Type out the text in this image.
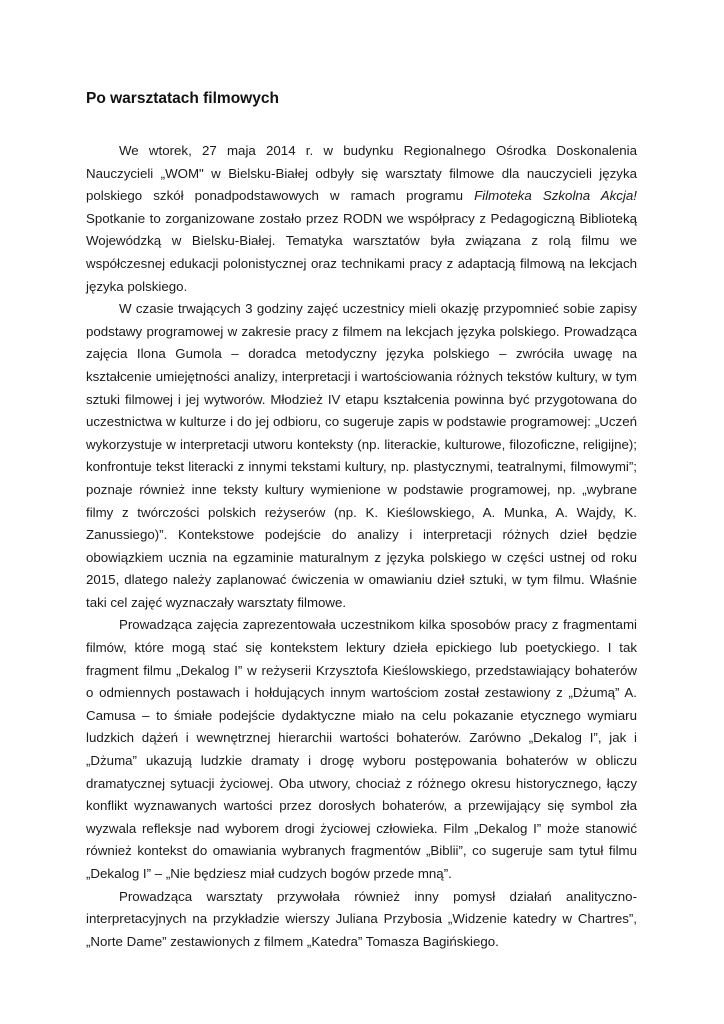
Po warsztatach filmowych

We wtorek, 27 maja 2014 r. w budynku Regionalnego Ośrodka Doskonalenia Nauczycieli „WOM" w Bielsku-Białej odbyły się warsztaty filmowe dla nauczycieli języka polskiego szkół ponadpodstawowych w ramach programu Filmoteka Szkolna Akcja! Spotkanie to zorganizowane zostało przez RODN we współpracy z Pedagogiczną Biblioteką Wojewódzką w Bielsku-Białej. Tematyka warsztatów była związana z rolą filmu we współczesnej edukacji polonistycznej oraz technikami pracy z adaptacją filmową na lekcjach języka polskiego.

W czasie trwających 3 godziny zajęć uczestnicy mieli okazję przypomnieć sobie zapisy podstawy programowej w zakresie pracy z filmem na lekcjach języka polskiego. Prowadząca zajęcia Ilona Gumola – doradca metodyczny języka polskiego – zwróciła uwagę na kształcenie umiejętności analizy, interpretacji i wartościowania różnych tekstów kultury, w tym sztuki filmowej i jej wytworów. Młodzież IV etapu kształcenia powinna być przygotowana do uczestnictwa w kulturze i do jej odbioru, co sugeruje zapis w podstawie programowej: „Uczeń wykorzystuje w interpretacji utworu konteksty (np. literackie, kulturowe, filozoficzne, religijne); konfrontuje tekst literacki z innymi tekstami kultury, np. plastycznymi, teatralnymi, filmowymi”; poznaje również inne teksty kultury wymienione w podstawie programowej, np. „wybrane filmy z twórczości polskich reżyserów (np. K. Kieślowskiego, A. Munka, A. Wajdy, K. Zanussiego)”. Kontekstowe podejście do analizy i interpretacji różnych dzieł będzie obowiązkiem ucznia na egzaminie maturalnym z języka polskiego w części ustnej od roku 2015, dlatego należy zaplanować ćwiczenia w omawianiu dzieł sztuki, w tym filmu. Właśnie taki cel zajęć wyznaczały warsztaty filmowe.

Prowadząca zajęcia zaprezentowała uczestnikom kilka sposobów pracy z fragmentami filmów, które mogą stać się kontekstem lektury dzieła epickiego lub poetyckiego. I tak fragment filmu „Dekalog I” w reżyserii Krzysztofa Kieślowskiego, przedstawiający bohaterów o odmiennych postawach i hołdujących innym wartościom został zestawiony z „Dżumą” A. Camusa – to śmiałe podejście dydaktyczne miało na celu pokazanie etycznego wymiaru ludzkich dążeń i wewnętrznej hierarchii wartości bohaterów. Zarówno „Dekalog I”, jak i „Dżuma” ukazują ludzkie dramaty i drogę wyboru postępowania bohaterów w obliczu dramatycznej sytuacji życiowej. Oba utwory, chociaż z różnego okresu historycznego, łączy konflikt wyznawanych wartości przez dorosłych bohaterów, a przewijający się symbol zła wyzwala refleksje nad wyborem drogi życiowej człowieka. Film „Dekalog I” może stanowić również kontekst do omawiania wybranych fragmentów „Biblii”, co sugeruje sam tytuł filmu „Dekalog I” – „Nie będziesz miał cudzych bogów przede mną”.

Prowadząca warsztaty przywołała również inny pomysł działań analityczno-interpretacyjnych na przykładzie wierszy Juliana Przybosia „Widzenie katedry w Chartres”, „Norte Dame” zestawionych z filmem „Katedra” Tomasza Bagińskiego.
